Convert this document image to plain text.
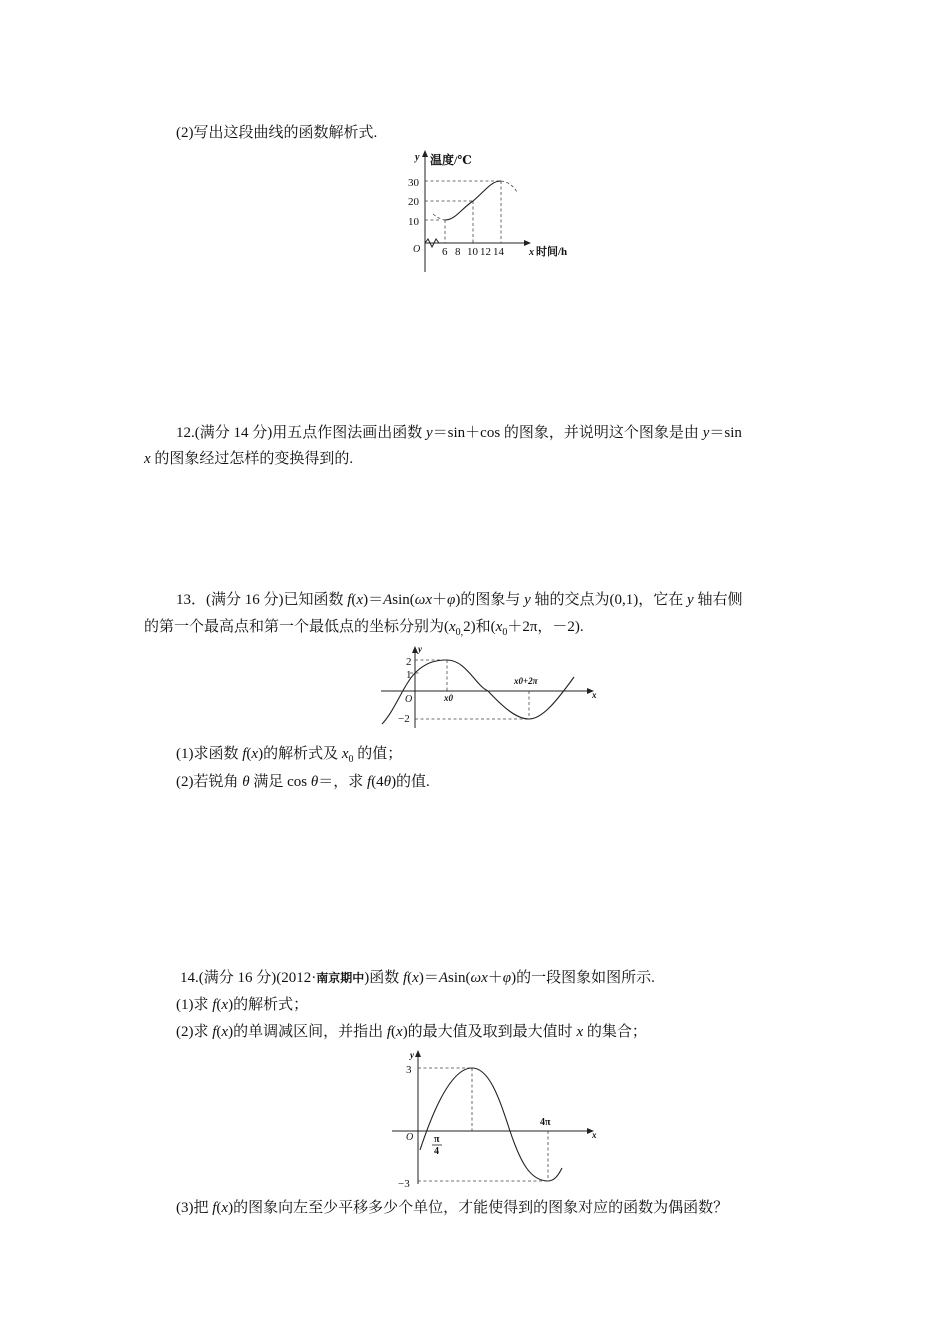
(2)写出这段曲线的函数解析式.
y 温度/℃
30
20
10
O 6 8 10 12 14	x 时间/h
12.(满分 14 分)用五点作图法画出函数 y＝sin＋cos 的图象，并说明这个图象是由 y＝sin
x 的图象经过怎样的变换得到的.
13．(满分 16 分)已知函数 f(x)＝Asin(ωx＋φ)的图象与 y 轴的交点为(0,1)，它在 y 轴右侧
的第一个最高点和第一个最低点的坐标分别为$(x_{0,}2)$和($x_0+2\pi$，－2).
y
2
1
−2
O	x
x0
x0+2π
(1)求函数 f(x)的解析式及 $x_0$ 的值；
(2)若锐角 θ 满足 cos θ＝，求 f(4θ)的值.
14.(满分 16 分)(2012·南京期中)函数 f(x)＝Asin(ωx＋φ)的一段图象如图所示.
(1)求 f(x)的解析式；
(2)求 f(x)的单调减区间，并指出 f(x)的最大值及取到最大值时 x 的集合；
y
3
−3
O	x
π
4
4π
(3)把 f(x)的图象向左至少平移多少个单位，才能使得到的图象对应的函数为偶函数？
